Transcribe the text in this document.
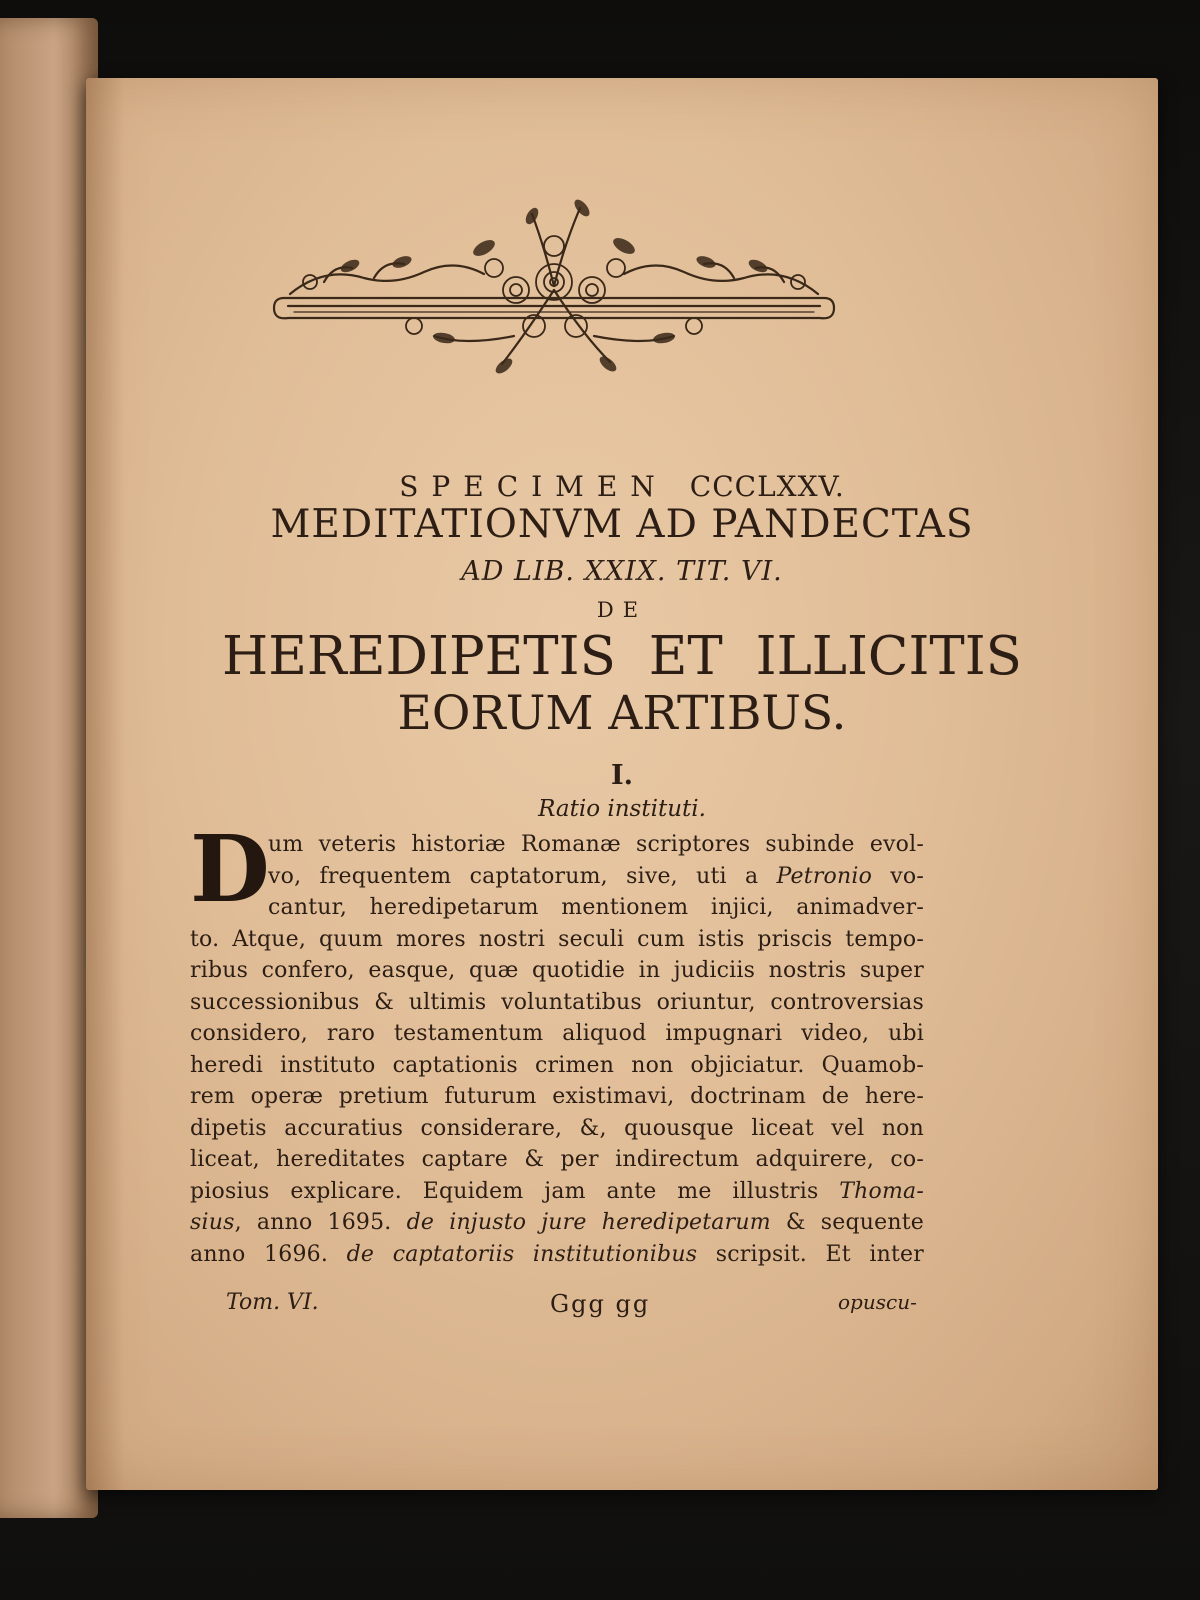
SPECIMEN CCCLXXV.
MEDITATIONVM AD PANDECTAS
AD LIB. XXIX. TIT. VI.
DE
HEREDIPETIS ET ILLICITIS
EORUM ARTIBUS.
I.
Ratio instituti.
D
um veteris historiæ Romanæ scriptores subinde evol-
vo, frequentem captatorum, sive, uti a Petronio vo-
cantur, heredipetarum mentionem injici, animadver-
to. Atque, quum mores nostri seculi cum istis priscis tempo-
ribus confero, easque, quæ quotidie in judiciis nostris super
successionibus & ultimis voluntatibus oriuntur, controversias
considero, raro testamentum aliquod impugnari video, ubi
heredi instituto captationis crimen non objiciatur. Quamob-
rem operæ pretium futurum existimavi, doctrinam de here-
dipetis accuratius considerare, &, quousque liceat vel non
liceat, hereditates captare & per indirectum adquirere, co-
piosius explicare. Equidem jam ante me illustris Thoma-
sius, anno 1695. de injusto jure heredipetarum & sequente
anno 1696. de captatoriis institutionibus scripsit. Et inter
Tom. VI.	Ggg gg	opuscu-
